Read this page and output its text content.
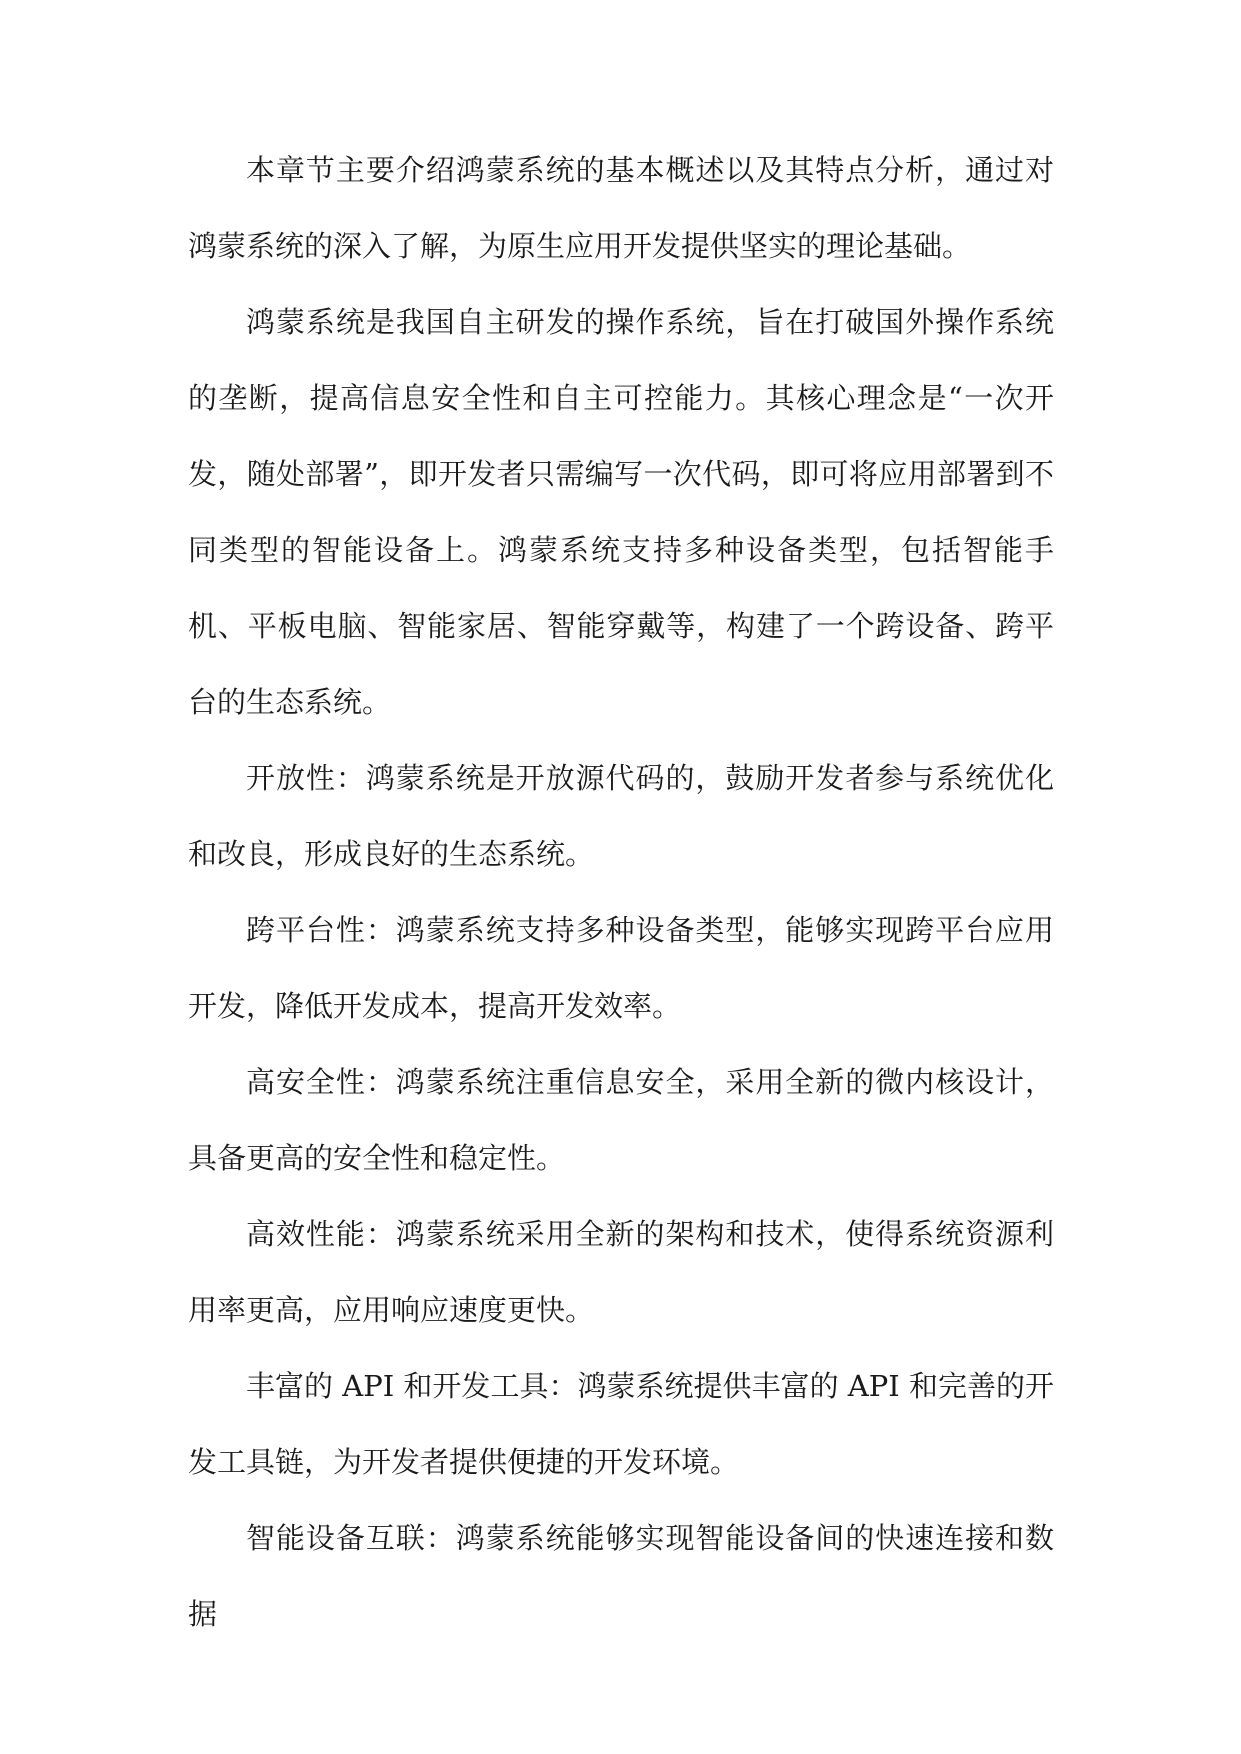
本章节主要介绍鸿蒙系统的基本概述以及其特点分析，通过对鸿蒙系统的深入了解，为原生应用开发提供坚实的理论基础。

鸿蒙系统是我国自主研发的操作系统，旨在打破国外操作系统的垄断，提高信息安全性和自主可控能力。其核心理念是“一次开发，随处部署”，即开发者只需编写一次代码，即可将应用部署到不同类型的智能设备上。鸿蒙系统支持多种设备类型，包括智能手机、平板电脑、智能家居、智能穿戴等，构建了一个跨设备、跨平台的生态系统。

开放性：鸿蒙系统是开放源代码的，鼓励开发者参与系统优化和改良，形成良好的生态系统。

跨平台性：鸿蒙系统支持多种设备类型，能够实现跨平台应用开发，降低开发成本，提高开发效率。

高安全性：鸿蒙系统注重信息安全，采用全新的微内核设计，具备更高的安全性和稳定性。

高效性能：鸿蒙系统采用全新的架构和技术，使得系统资源利用率更高，应用响应速度更快。

丰富的 API 和开发工具：鸿蒙系统提供丰富的 API 和完善的开发工具链，为开发者提供便捷的开发环境。

智能设备互联：鸿蒙系统能够实现智能设备间的快速连接和数据
